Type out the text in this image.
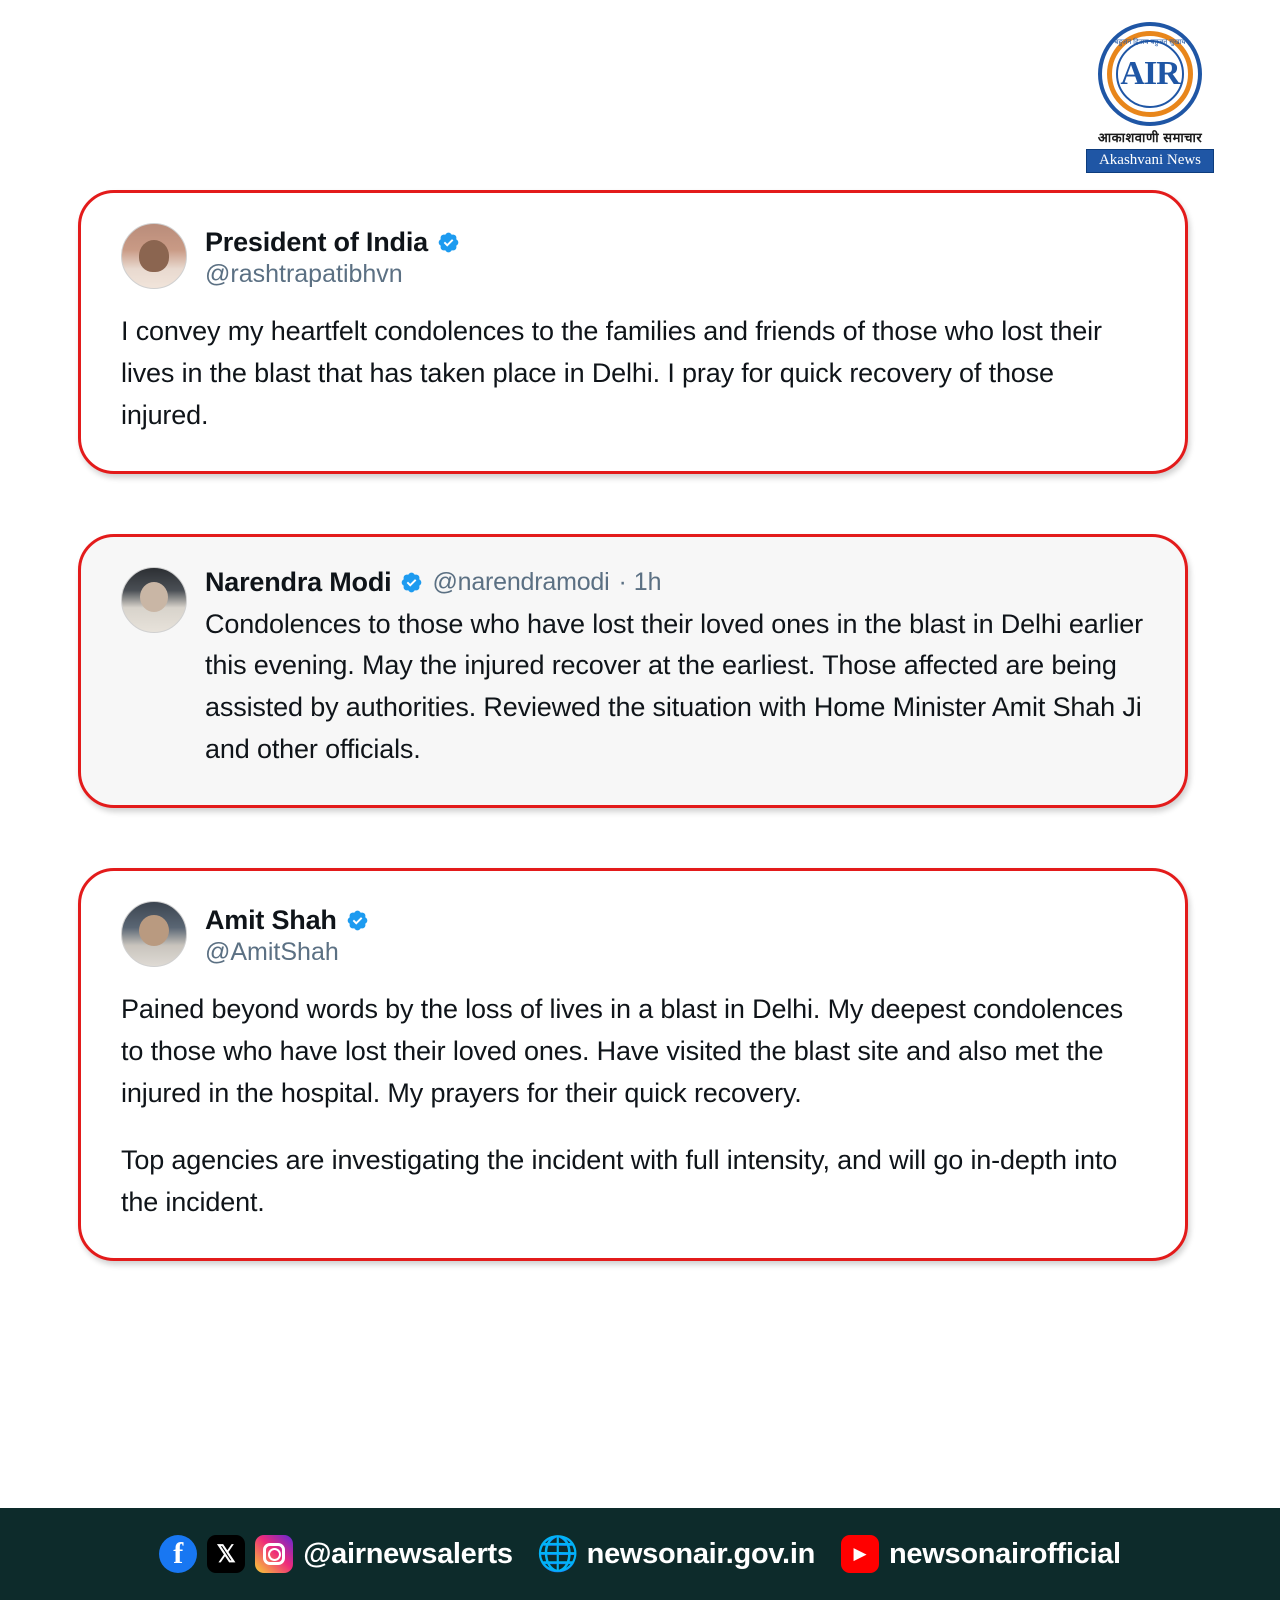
बहुजन हिताय बहुजन सुखाय
AIR
आकाशवाणी समाचार
Akashvani News
President of India
@rashtrapatibhvn

I convey my heartfelt condolences to the families and friends of those who lost their lives in the blast that has taken place in Delhi. I pray for quick recovery of those injured.

Narendra Modi @narendramodi · 1h

Condolences to those who have lost their loved ones in the blast in Delhi earlier this evening. May the injured recover at the earliest. Those affected are being assisted by authorities. Reviewed the situation with Home Minister Amit Shah Ji and other officials.

Amit Shah
@AmitShah

Pained beyond words by the loss of lives in a blast in Delhi. My deepest condolences to those who have lost their loved ones. Have visited the blast site and also met the injured in the hospital. My prayers for their quick recovery.

Top agencies are investigating the incident with full intensity, and will go in-depth into the incident.

f	𝕏	@airnewsalerts 🌐 newsonair.gov.in	▶ newsonairofficial
